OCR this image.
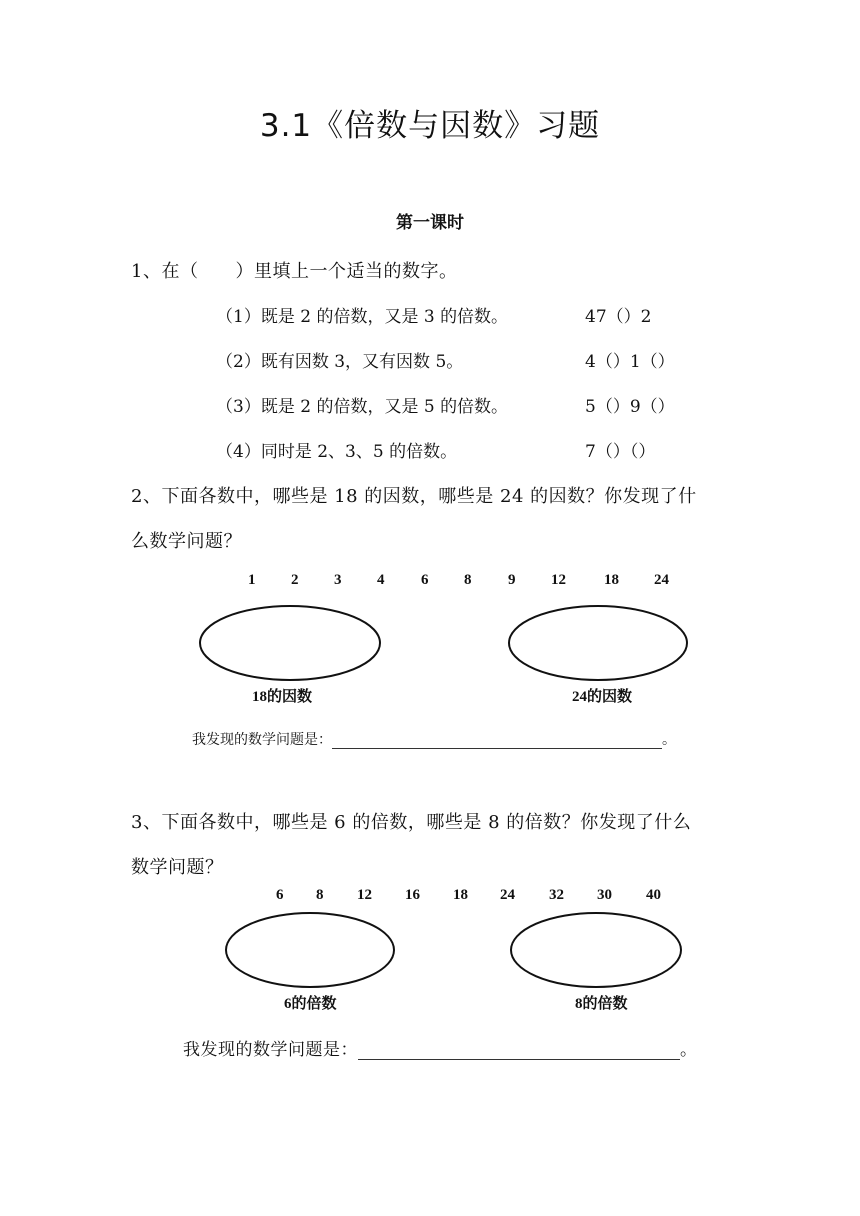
3.1《倍数与因数》习题
第一课时
1、在（　　）里填上一个适当的数字。
（1）既是 2 的倍数，又是 3 的倍数。	47（）2
（2）既有因数 3，又有因数 5。	4（）1（）
（3）既是 2 的倍数，又是 5 的倍数。	5（）9（）
（4）同时是 2、3、5 的倍数。	7（）（）
2、下面各数中，哪些是 18 的因数，哪些是 24 的因数？你发现了什
么数学问题？
1 2 3 4 6 8 9 12	18 24
18的因数	24的因数
我发现的数学问题是：	。
3、下面各数中，哪些是 6 的倍数，哪些是 8 的倍数？你发现了什么
数学问题？
6 8 12 16 18 24 32 30 40
6的倍数	8的倍数
我发现的数学问题是：	。
